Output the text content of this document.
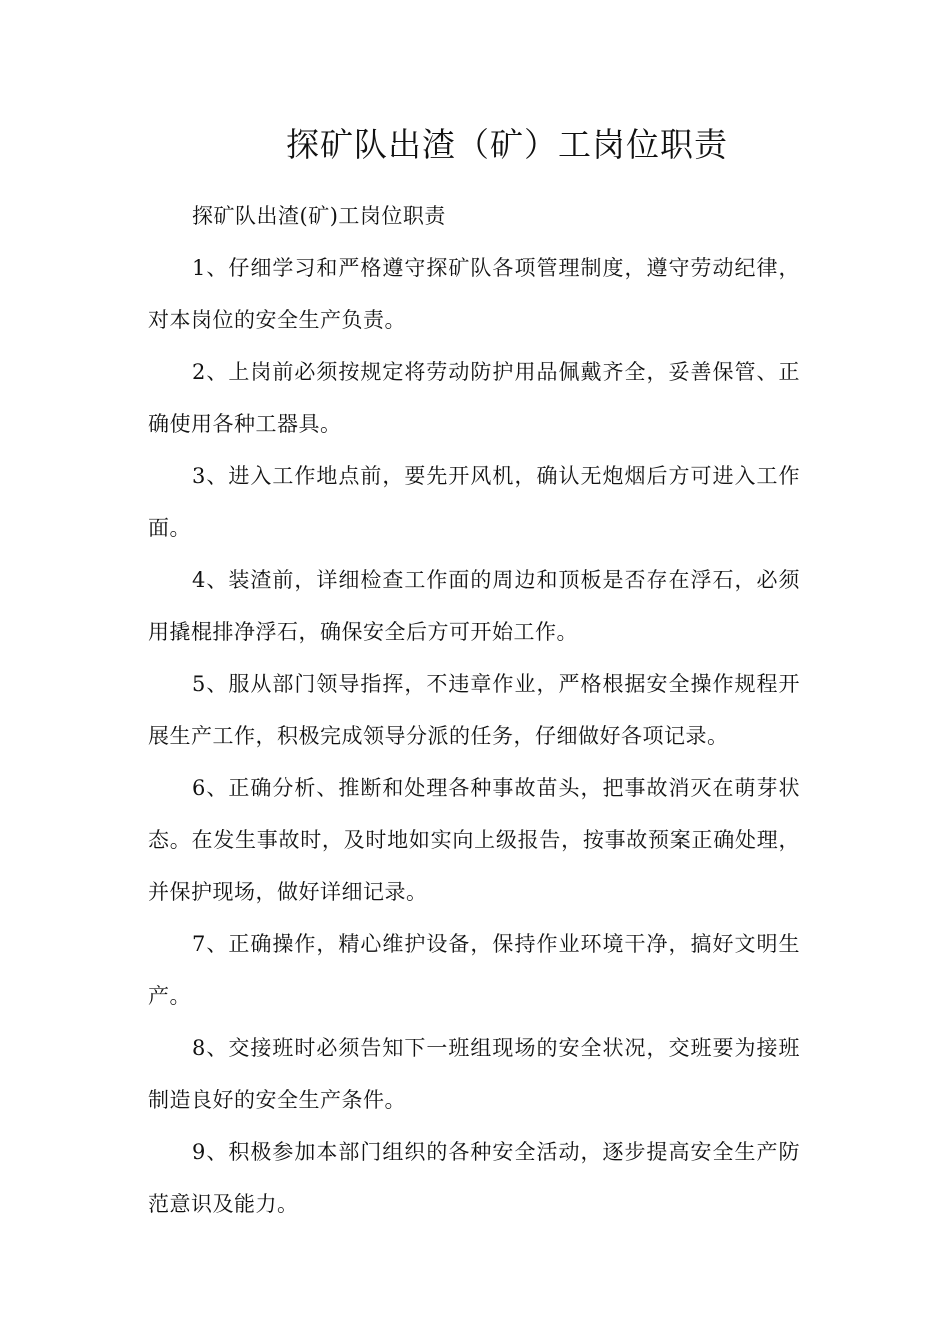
探矿队出渣（矿）工岗位职责

探矿队出渣(矿)工岗位职责

1、仔细学习和严格遵守探矿队各项管理制度，遵守劳动纪律，对本岗位的安全生产负责。

2、上岗前必须按规定将劳动防护用品佩戴齐全，妥善保管、正确使用各种工器具。

3、进入工作地点前，要先开风机，确认无炮烟后方可进入工作面。

4、装渣前，详细检查工作面的周边和顶板是否存在浮石，必须用撬棍排净浮石，确保安全后方可开始工作。

5、服从部门领导指挥，不违章作业，严格根据安全操作规程开展生产工作，积极完成领导分派的任务，仔细做好各项记录。

6、正确分析、推断和处理各种事故苗头，把事故消灭在萌芽状态。在发生事故时，及时地如实向上级报告，按事故预案正确处理，并保护现场，做好详细记录。

7、正确操作，精心维护设备，保持作业环境干净，搞好文明生产。

8、交接班时必须告知下一班组现场的安全状况，交班要为接班制造良好的安全生产条件。

9、积极参加本部门组织的各种安全活动，逐步提高安全生产防范意识及能力。
